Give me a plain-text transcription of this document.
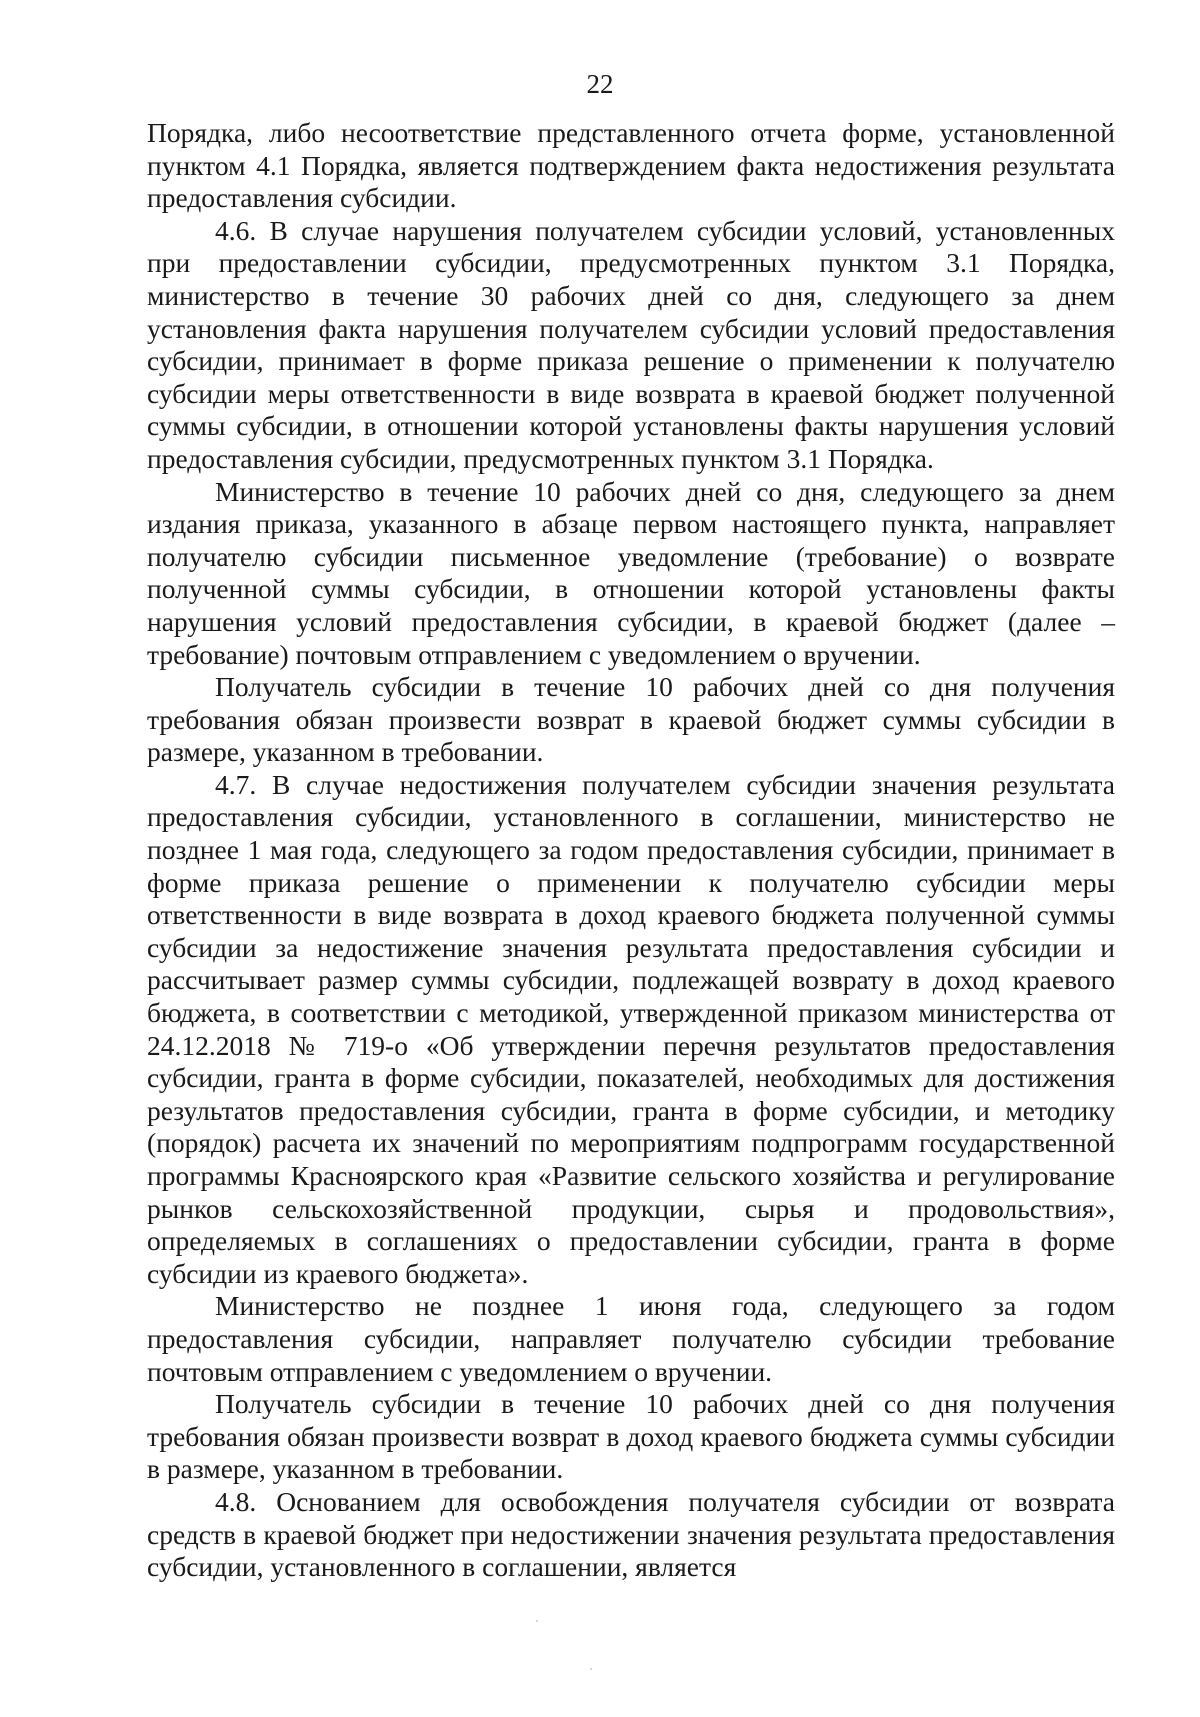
22

Порядка, либо несоответствие представленного отчета форме, установленной пунктом 4.1 Порядка, является подтверждением факта недостижения результата предоставления субсидии.

4.6. В случае нарушения получателем субсидии условий, установленных при предоставлении субсидии, предусмотренных пунктом 3.1 Порядка, министерство в течение 30 рабочих дней со дня, следующего за днем установления факта нарушения получателем субсидии условий предоставления субсидии, принимает в форме приказа решение о применении к получателю субсидии меры ответственности в виде возврата в краевой бюджет полученной суммы субсидии, в отношении которой установлены факты нарушения условий предоставления субсидии, предусмотренных пунктом 3.1 Порядка.

Министерство в течение 10 рабочих дней со дня, следующего за днем издания приказа, указанного в абзаце первом настоящего пункта, направляет получателю субсидии письменное уведомление (требование) о возврате полученной суммы субсидии, в отношении которой установлены факты нарушения условий предоставления субсидии, в краевой бюджет (далее – требование) почтовым отправлением с уведомлением о вручении.

Получатель субсидии в течение 10 рабочих дней со дня получения требования обязан произвести возврат в краевой бюджет суммы субсидии в размере, указанном в требовании.

4.7. В случае недостижения получателем субсидии значения результата предоставления субсидии, установленного в соглашении, министерство не позднее 1 мая года, следующего за годом предоставления субсидии, принимает в форме приказа решение о применении к получателю субсидии меры ответственности в виде возврата в доход краевого бюджета полученной суммы субсидии за недостижение значения результата предоставления субсидии и рассчитывает размер суммы субсидии, подлежащей возврату в доход краевого бюджета, в соответствии с методикой, утвержденной приказом министерства от 24.12.2018 № 719-о «Об утверждении перечня результатов предоставления субсидии, гранта в форме субсидии, показателей, необходимых для достижения результатов предоставления субсидии, гранта в форме субсидии, и методику (порядок) расчета их значений по мероприятиям подпрограмм государственной программы Красноярского края «Развитие сельского хозяйства и регулирование рынков сельскохозяйственной продукции, сырья и продовольствия», определяемых в соглашениях о предоставлении субсидии, гранта в форме субсидии из краевого бюджета».

Министерство не позднее 1 июня года, следующего за годом предоставления субсидии, направляет получателю субсидии требование почтовым отправлением с уведомлением о вручении.

Получатель субсидии в течение 10 рабочих дней со дня получения требования обязан произвести возврат в доход краевого бюджета суммы субсидии в размере, указанном в требовании.

4.8. Основанием для освобождения получателя субсидии от возврата средств в краевой бюджет при недостижении значения результата предоставления субсидии, установленного в соглашении, является
